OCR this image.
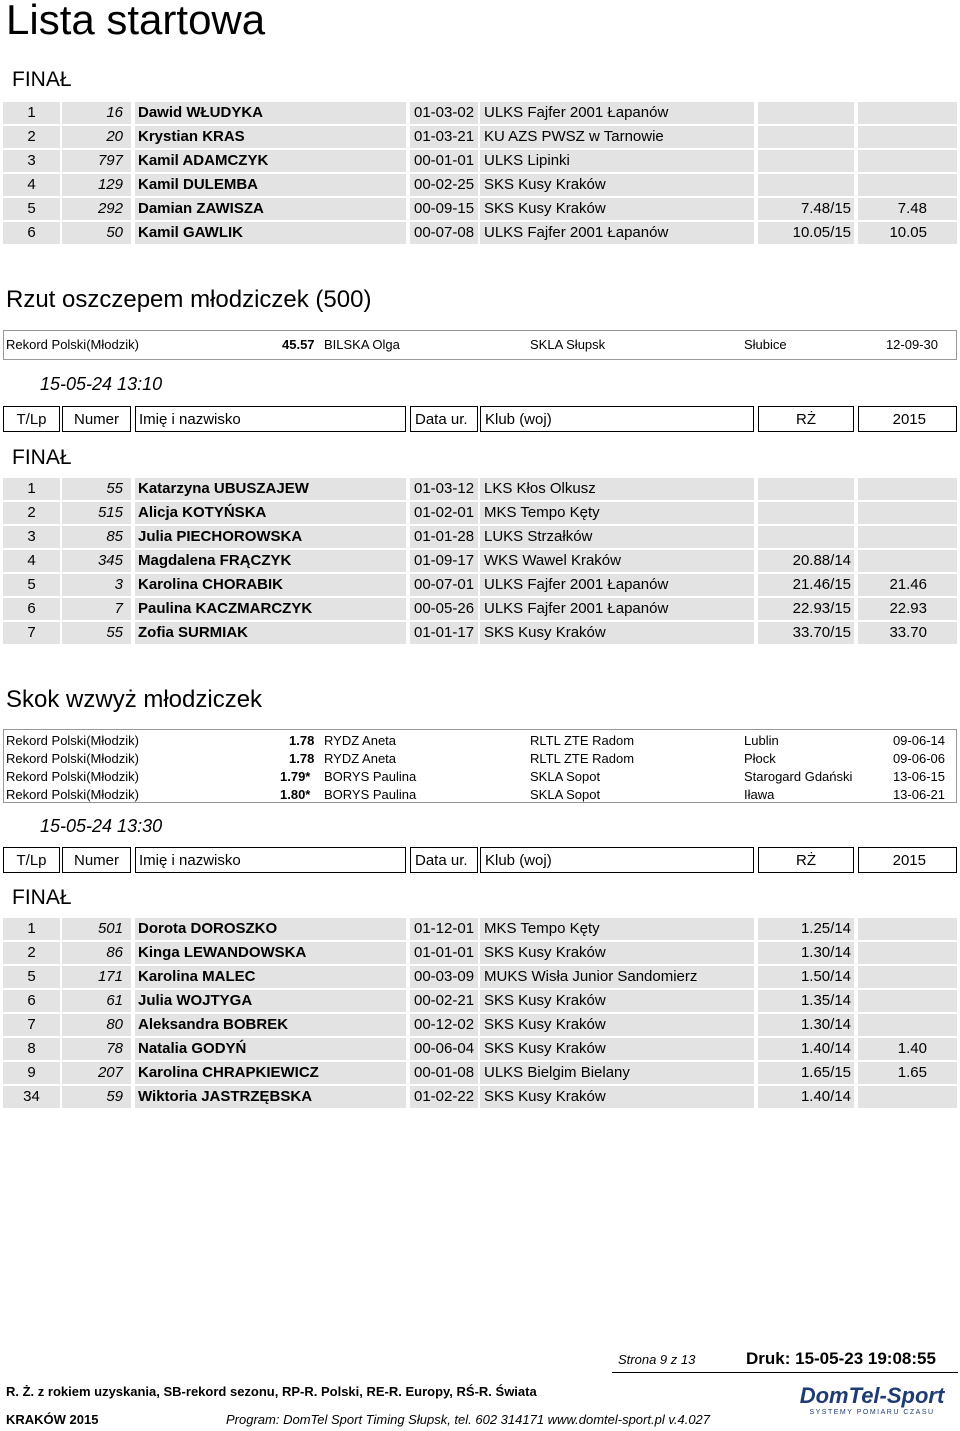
Lista startowa
FINAŁ
1	16	Dawid WŁUDYKA	01-03-02 ULKS Fajfer 2001 Łapanów
2	20	Krystian KRAS	01-03-21 KU AZS PWSZ w Tarnowie
3	797	Kamil ADAMCZYK	00-01-01 ULKS Lipinki
4	129	Kamil DULEMBA	00-02-25 SKS Kusy Kraków
5	292	Damian ZAWISZA	00-09-15 SKS Kusy Kraków	7.48/15	7.48
6	50	Kamil GAWLIK	00-07-08 ULKS Fajfer 2001 Łapanów	10.05/15	10.05
Rzut oszczepem młodziczek (500)
Rekord Polski(Młodzik)	45.57 BILSKA Olga	SKLA Słupsk	Słubice	12-09-30
15-05-24 13:10
T/Lp	Numer	Imię i nazwisko	Data ur.	Klub (woj)	RŻ	2015
FINAŁ
1	55	Katarzyna UBUSZAJEW	01-03-12 LKS Kłos Olkusz
2	515	Alicja KOTYŃSKA	01-02-01 MKS Tempo Kęty
3	85	Julia PIECHOROWSKA	01-01-28 LUKS Strzałków
4	345	Magdalena FRĄCZYK	01-09-17 WKS Wawel Kraków	20.88/14
5	3	Karolina CHORABIK	00-07-01 ULKS Fajfer 2001 Łapanów	21.46/15	21.46
6	7	Paulina KACZMARCZYK	00-05-26 ULKS Fajfer 2001 Łapanów	22.93/15	22.93
7	55	Zofia SURMIAK	01-01-17 SKS Kusy Kraków	33.70/15	33.70
Skok wzwyż młodziczek
Rekord Polski(Młodzik)	1.78 RYDZ Aneta	RLTL ZTE Radom	Lublin	09-06-14
Rekord Polski(Młodzik)	1.78 RYDZ Aneta	RLTL ZTE Radom	Płock	09-06-06
Rekord Polski(Młodzik)	1.79* BORYS Paulina	SKLA Sopot	Starogard Gdański	13-06-15
Rekord Polski(Młodzik)	1.80* BORYS Paulina	SKLA Sopot	Iława	13-06-21
15-05-24 13:30
T/Lp	Numer	Imię i nazwisko	Data ur.	Klub (woj)	RŻ	2015
FINAŁ
1	501	Dorota DOROSZKO	01-12-01 MKS Tempo Kęty	1.25/14
2	86	Kinga LEWANDOWSKA	01-01-01 SKS Kusy Kraków	1.30/14
5	171	Karolina MALEC	00-03-09 MUKS Wisła Junior Sandomierz	1.50/14
6	61	Julia WOJTYGA	00-02-21 SKS Kusy Kraków	1.35/14
7	80	Aleksandra BOBREK	00-12-02 SKS Kusy Kraków	1.30/14
8	78	Natalia GODYŃ	00-06-04 SKS Kusy Kraków	1.40/14	1.40
9	207	Karolina CHRAPKIEWICZ	00-01-08 ULKS Bielgim Bielany	1.65/15	1.65
34	59	Wiktoria JASTRZĘBSKA	01-02-22 SKS Kusy Kraków	1.40/14
Strona 9 z 13	Druk: 15-05-23 19:08:55
R. Ż. z rokiem uzyskania, SB-rekord sezonu, RP-R. Polski, RE-R. Europy, RŚ-R. Świata
KRAKÓW 2015	Program: DomTel Sport Timing Słupsk, tel. 602 314171 www.domtel-sport.pl v.4.027
DomTel-Sport
SYSTEMY POMIARU CZASU
